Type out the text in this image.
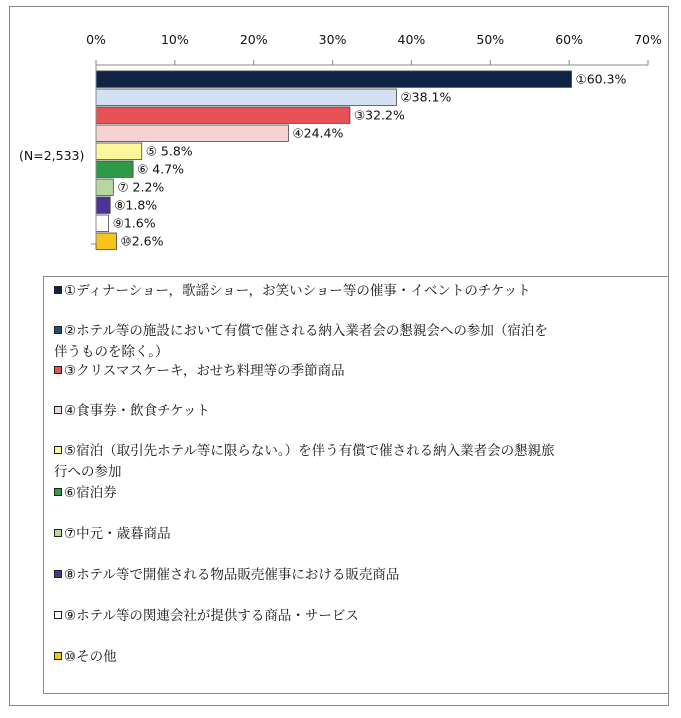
0%	10%	20%	30%	40%	50%	60%	70%
①60.3%
②38.1%
③32.2%
④24.4%
⑤ 5.8%
⑥ 4.7%
⑦ 2.2%
⑧1.8%
⑨1.6%
⑩2.6%
(N=2,533)
①ディナーショー，歌謡ショー，お笑いショー等の催事・イベントのチケット
②ホテル等の施設において有償で催される納入業者会の懇親会への参加（宿泊を
伴うものを除く。）
③クリスマスケーキ，おせち料理等の季節商品
④食事券・飲食チケット
⑤宿泊（取引先ホテル等に限らない。）を伴う有償で催される納入業者会の懇親旅
行への参加
⑥宿泊券
⑦中元・歳暮商品
⑧ホテル等で開催される物品販売催事における販売商品
⑨ホテル等の関連会社が提供する商品・サービス
⑩その他
